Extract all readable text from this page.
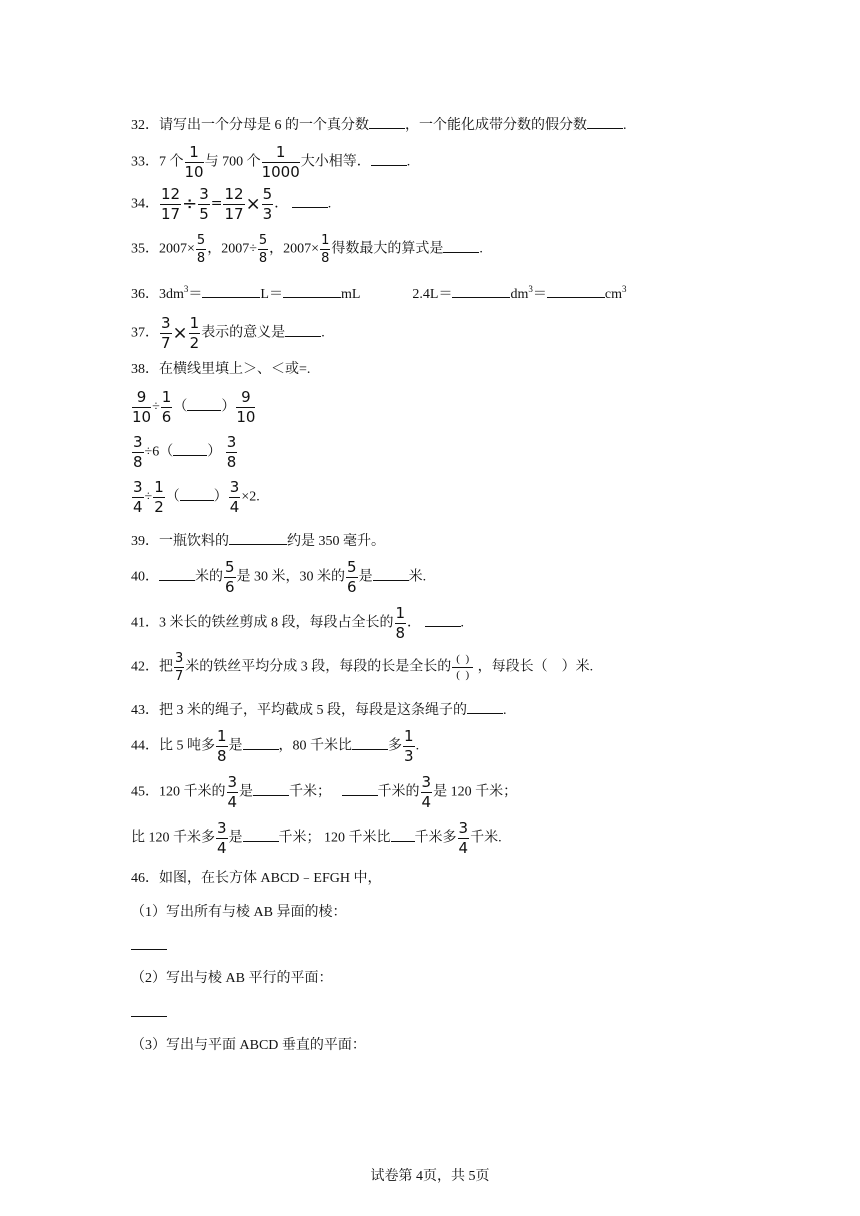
32．请写出一个分母是 6 的一个真分数	，一个能化成带分数的假分数	.
33．7 个 $\frac{1}{10}$ 与 700 个 $\frac{1}{1000}$ 大小相等．	.
34． $\frac{12}{17} \div \frac{3}{5} = \frac{12}{17} \times \frac{5}{3}$ ．	.
35．$2007\times \frac{5}{8}$ ，$2007\div \frac{5}{8}$ ，$2007\times \frac{1}{8}$ 得数最大的算式是	.
36．$3dm^3=$	L＝	mL	2.4L＝	$dm^3=$	$cm^3$
37． $\frac{3}{7} \times \frac{1}{2}$ 表示的意义是	.
38．在横线里填上＞、＜或=.
$\frac{9}{10} \div \frac{1}{6}$ （ ） $\frac{9}{10}$
$\frac{3}{8} \div 6$（ ） $\frac{3}{8}$
$\frac{3}{4} \div \frac{1}{2}$ （ ） $\frac{3}{4} \times 2$.
39．一瓶饮料的	约是 350 毫升。
40．	米的 $\frac{5}{6}$ 是 30 米，30 米的 $\frac{5}{6}$ 是	米.
41．3 米长的铁丝剪成 8 段，每段占全长的 $\frac{1}{8}$ ．	.
42．把 $\frac{3}{7}$ 米的铁丝平均分成 3 段，每段的长是全长的 $\frac{( )}{( )}$ ，每段长（　）米.
43．把 3 米的绳子，平均截成 5 段，每段是这条绳子的	.
44．比 5 吨多 $\frac{1}{8}$ 是	，80 千米比	多 $\frac{1}{3}$ .
45．120 千米的 $\frac{3}{4}$ 是	千米；	千米的 $\frac{3}{4}$ 是 120 千米；
比 120 千米多 $\frac{3}{4}$ 是	千米； 120 千米比 千米多 $\frac{3}{4}$ 千米.
46．如图，在长方体 ABCD﹣EFGH 中，
（1）写出所有与棱 AB 异面的棱：
（2）写出与棱 AB 平行的平面：
（3）写出与平面 ABCD 垂直的平面：
试卷第 4页，共 5页
